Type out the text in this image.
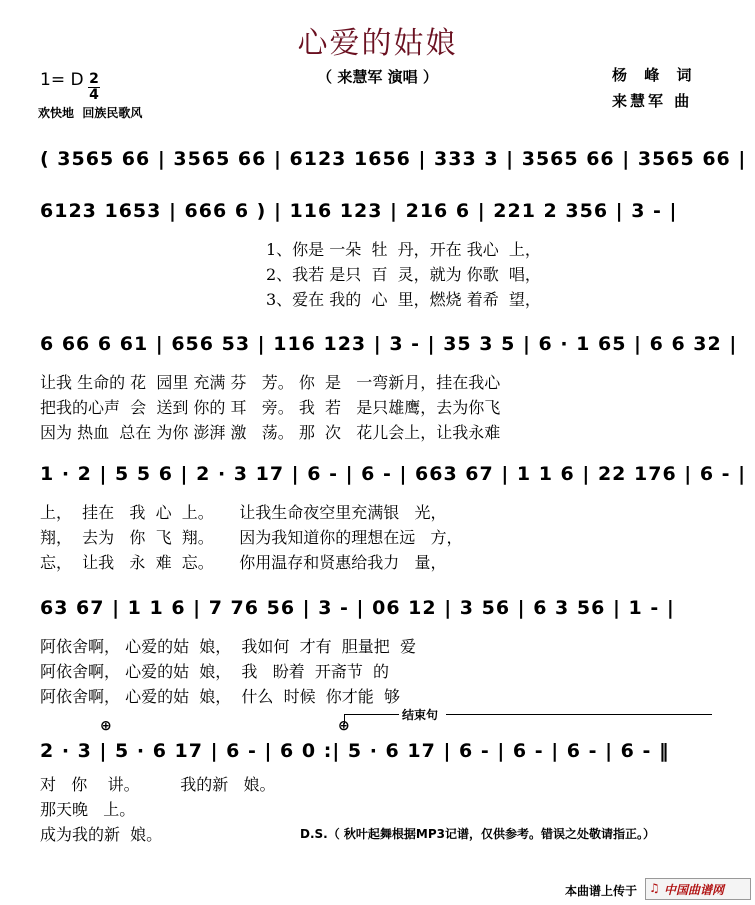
心爱的姑娘
（ 来慧军 演唱 ）	杨 峰 词
来慧军 曲
1= D 2
4
欢快地  回族民歌风
( 3565 66 | 3565 66 | 6123 1656 | 333 3 | 3565 66 | 3565 66 |
6123 1653 | 666 6 ) | 116 123 | 216 6 | 221 2 356 | 3 - |
1、你是 一朵  牡  丹，开在 我心  上，
2、我若 是只  百  灵，就为 你歌  唱，
3、爱在 我的  心  里，燃烧 着希  望，
6 66 6 61 | 656 53 | 116 123 | 3 - | 35 3 5 | 6 · 1 65 | 6 6 32 |
让我 生命的 花  园里 充满 芬   芳。 你  是   一弯新月，挂在我心
把我的心声  会  送到 你的 耳   旁。 我  若   是只雄鹰，去为你飞
因为 热血  总在 为你 澎湃 激   荡。 那  次   花儿会上，让我永难
1 · 2 | 5 5 6 | 2 · 3 17 | 6 - | 6 - | 663 67 | 1 1 6 | 22 176 | 6 - |
上，  挂在   我  心  上。     让我生命夜空里充满银   光，
翔，  去为   你  飞  翔。     因为我知道你的理想在远   方，
忘，  让我   永  难  忘。     你用温存和贤惠给我力   量，
63 67 | 1 1 6 | 7 76 56 | 3 - | 06 12 | 3 56 | 6 3 56 | 1 - |
阿依舍啊， 心爱的姑  娘，  我如何  才有  胆量把  爱
阿依舍啊， 心爱的姑  娘，  我   盼着  开斋节  的
阿依舍啊， 心爱的姑  娘，  什么  时候  你才能  够
结束句
⊕	⊕
2 · 3 | 5 · 6 17 | 6 - | 6 0 :| 5 · 6 17 | 6 - | 6 - | 6 - | 6 - ‖
对   你    讲。        我的新   娘。
那天晚   上。
成为我的新  娘。	D.S.（ 秋叶起舞根据MP3记谱，仅供参考。错误之处敬请指正。）
本曲谱上传于 ♫ 中国曲谱网
